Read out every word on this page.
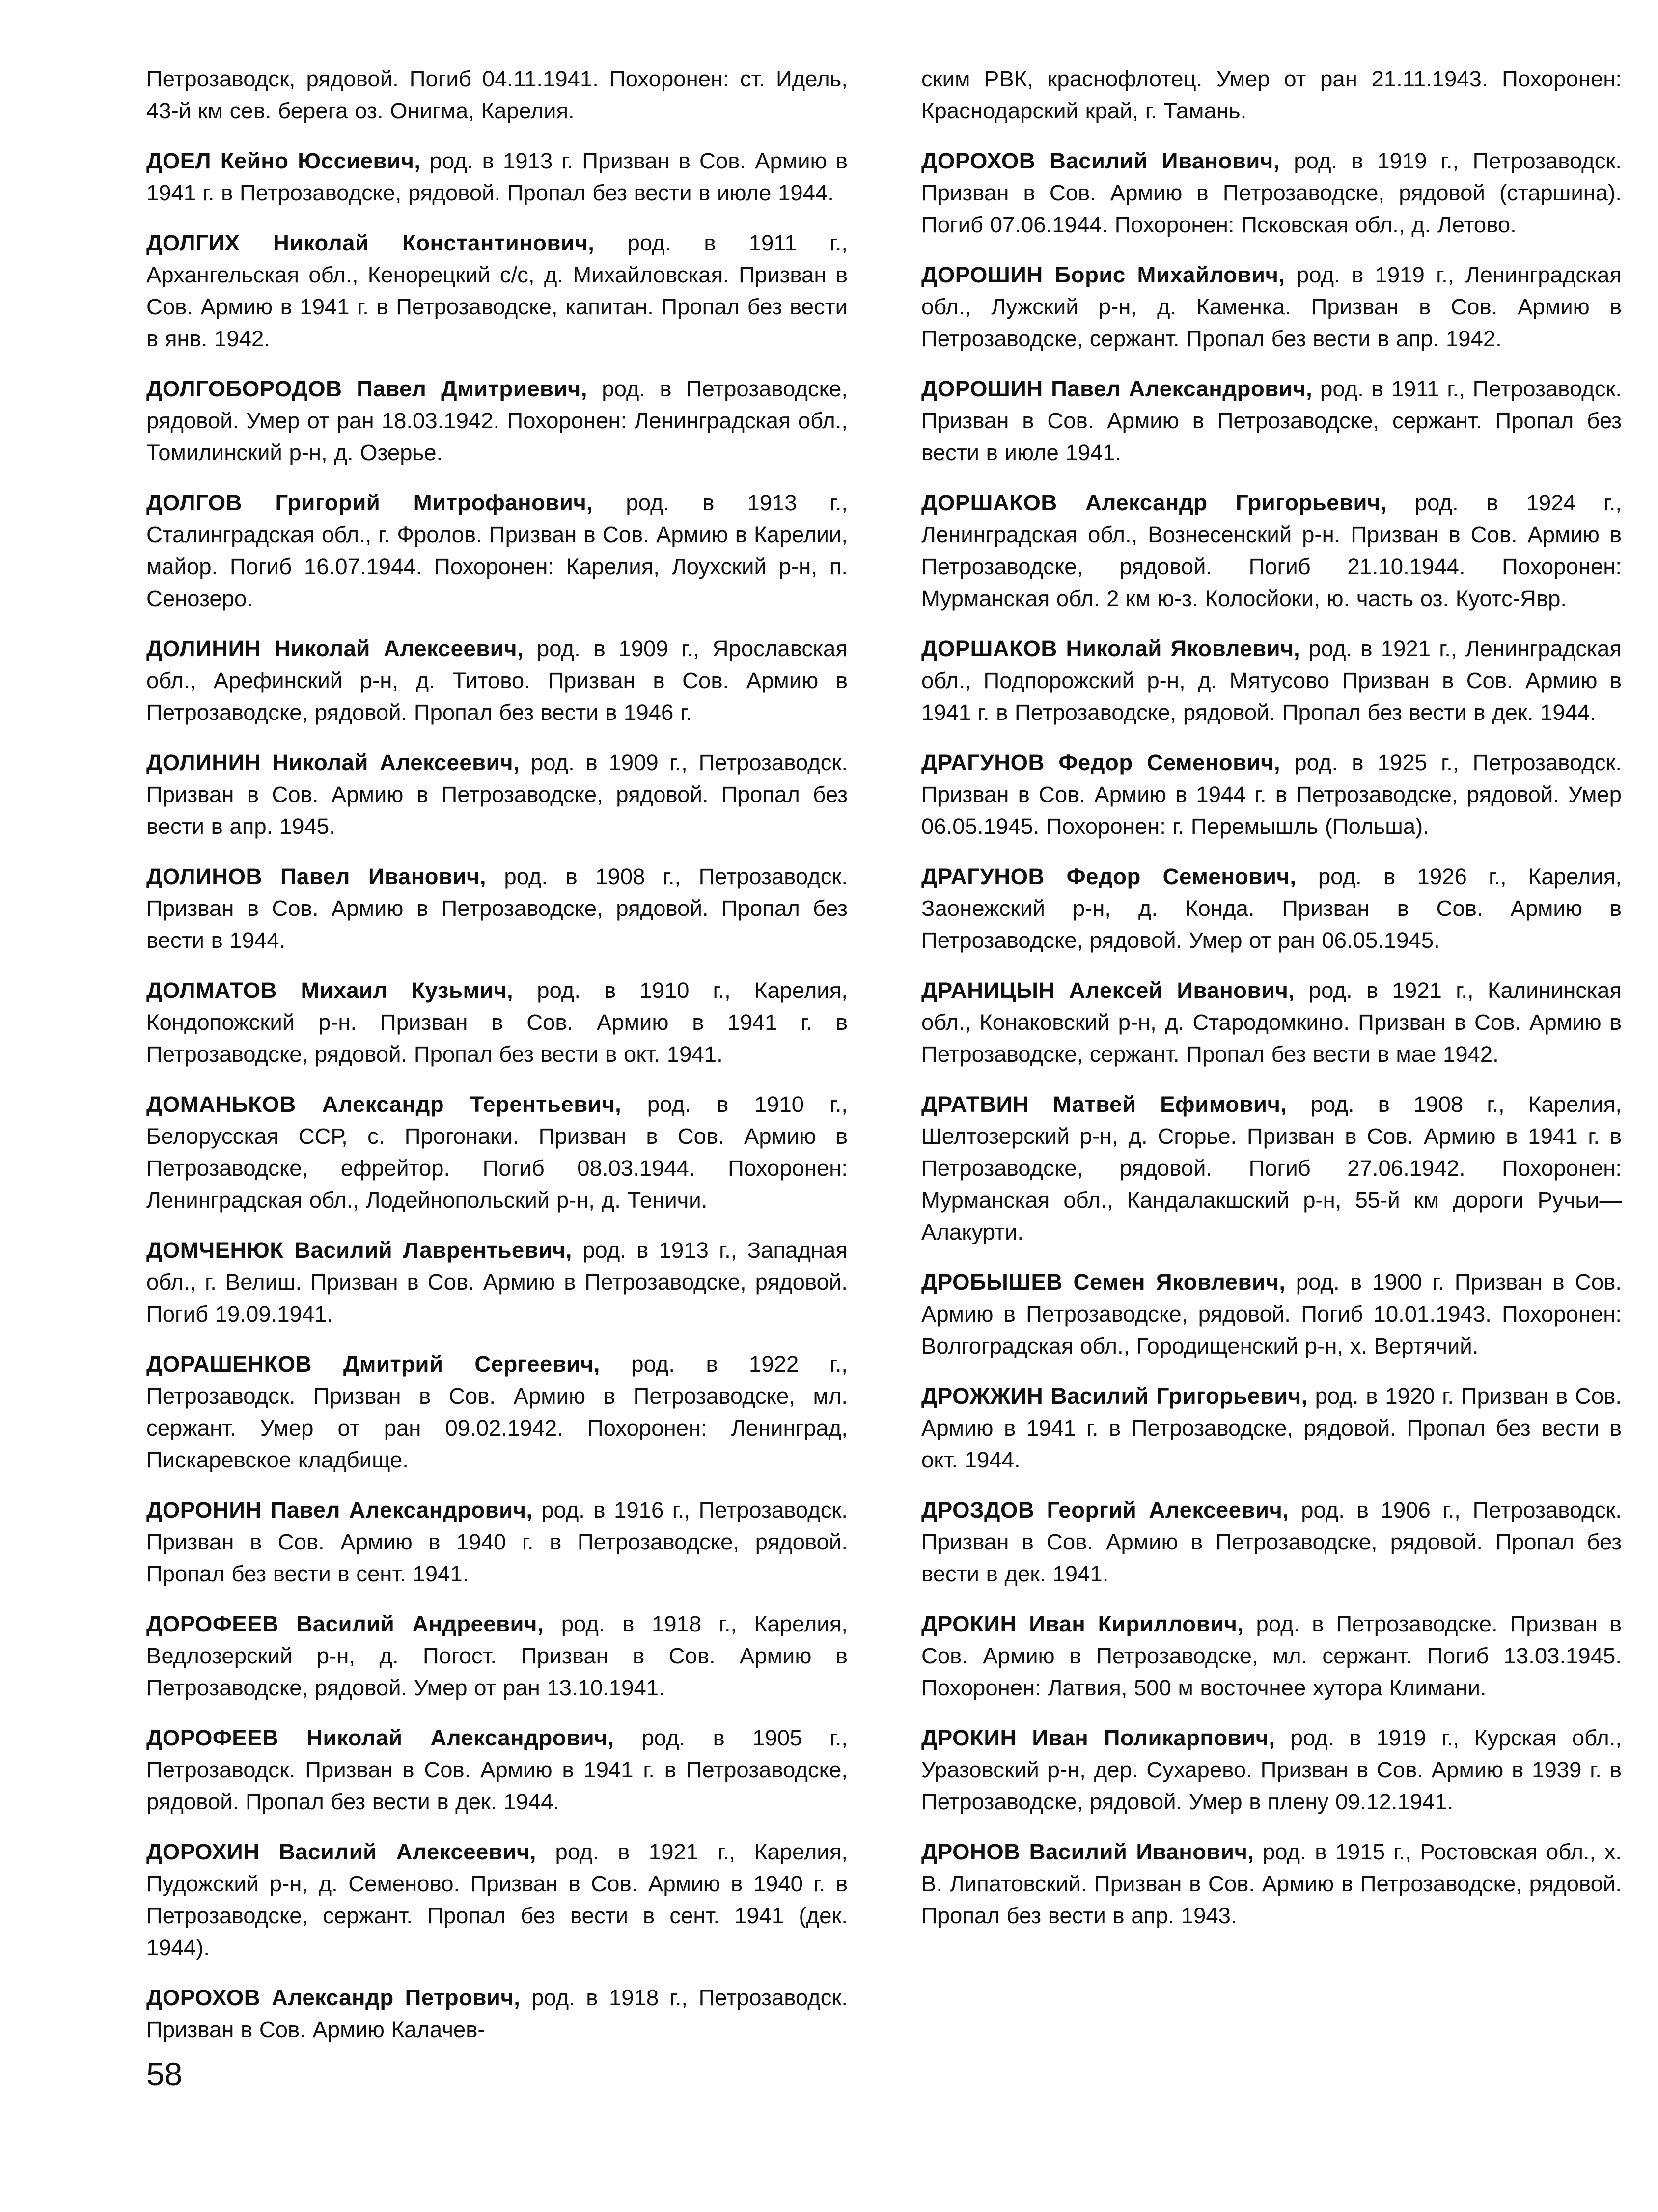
Петрозаводск, рядовой. Погиб 04.11.1941. Похоронен: ст. Идель, 43-й км сев. берега оз. Онигма, Карелия.

ДОЕЛ Кейно Юссиевич, род. в 1913 г. Призван в Сов. Армию в 1941 г. в Петрозаводске, рядовой. Пропал без вести в июле 1944.

ДОЛГИХ Николай Константинович, род. в 1911 г., Архангельская обл., Кенорецкий с/с, д. Михайловская. Призван в Сов. Армию в 1941 г. в Петрозаводске, капитан. Пропал без вести в янв. 1942.

ДОЛГОБОРОДОВ Павел Дмитриевич, род. в Петрозаводске, рядовой. Умер от ран 18.03.1942. Похоронен: Ленинградская обл., Томилинский р-н, д. Озерье.

ДОЛГОВ Григорий Митрофанович, род. в 1913 г., Сталинградская обл., г. Фролов. Призван в Сов. Армию в Карелии, майор. Погиб 16.07.1944. Похоронен: Карелия, Лоухский р-н, п. Сенозеро.

ДОЛИНИН Николай Алексеевич, род. в 1909 г., Ярославская обл., Арефинский р-н, д. Титово. Призван в Сов. Армию в Петрозаводске, рядовой. Пропал без вести в 1946 г.

ДОЛИНИН Николай Алексеевич, род. в 1909 г., Петрозаводск. Призван в Сов. Армию в Петрозаводске, рядовой. Пропал без вести в апр. 1945.

ДОЛИНОВ Павел Иванович, род. в 1908 г., Петрозаводск. Призван в Сов. Армию в Петрозаводске, рядовой. Пропал без вести в 1944.

ДОЛМАТОВ Михаил Кузьмич, род. в 1910 г., Карелия, Кондопожский р-н. Призван в Сов. Армию в 1941 г. в Петрозаводске, рядовой. Пропал без вести в окт. 1941.

ДОМАНЬКОВ Александр Терентьевич, род. в 1910 г., Белорусская ССР, с. Прогонаки. Призван в Сов. Армию в Петрозаводске, ефрейтор. Погиб 08.03.1944. Похоронен: Ленинградская обл., Лодейнопольский р-н, д. Теничи.

ДОМЧЕНЮК Василий Лаврентьевич, род. в 1913 г., Западная обл., г. Велиш. Призван в Сов. Армию в Петрозаводске, рядовой. Погиб 19.09.1941.

ДОРАШЕНКОВ Дмитрий Сергеевич, род. в 1922 г., Петрозаводск. Призван в Сов. Армию в Петрозаводске, мл. сержант. Умер от ран 09.02.1942. Похоронен: Ленинград, Пискаревское кладбище.

ДОРОНИН Павел Александрович, род. в 1916 г., Петрозаводск. Призван в Сов. Армию в 1940 г. в Петрозаводске, рядовой. Пропал без вести в сент. 1941.

ДОРОФЕЕВ Василий Андреевич, род. в 1918 г., Карелия, Ведлозерский р-н, д. Погост. Призван в Сов. Армию в Петрозаводске, рядовой. Умер от ран 13.10.1941.

ДОРОФЕЕВ Николай Александрович, род. в 1905 г., Петрозаводск. Призван в Сов. Армию в 1941 г. в Петрозаводске, рядовой. Пропал без вести в дек. 1944.

ДОРОХИН Василий Алексеевич, род. в 1921 г., Карелия, Пудожский р-н, д. Семеново. Призван в Сов. Армию в 1940 г. в Петрозаводске, сержант. Пропал без вести в сент. 1941 (дек. 1944).

ДОРОХОВ Александр Петрович, род. в 1918 г., Петрозаводск. Призван в Сов. Армию Калачев-

ским РВК, краснофлотец. Умер от ран 21.11.1943. Похоронен: Краснодарский край, г. Тамань.

ДОРОХОВ Василий Иванович, род. в 1919 г., Петрозаводск. Призван в Сов. Армию в Петрозаводске, рядовой (старшина). Погиб 07.06.1944. Похоронен: Псковская обл., д. Летово.

ДОРОШИН Борис Михайлович, род. в 1919 г., Ленинградская обл., Лужский р-н, д. Каменка. Призван в Сов. Армию в Петрозаводске, сержант. Пропал без вести в апр. 1942.

ДОРОШИН Павел Александрович, род. в 1911 г., Петрозаводск. Призван в Сов. Армию в Петрозаводске, сержант. Пропал без вести в июле 1941.

ДОРШАКОВ Александр Григорьевич, род. в 1924 г., Ленинградская обл., Вознесенский р-н. Призван в Сов. Армию в Петрозаводске, рядовой. Погиб 21.10.1944. Похоронен: Мурманская обл. 2 км ю-з. Колосйоки, ю. часть оз. Куотс-Явр.

ДОРШАКОВ Николай Яковлевич, род. в 1921 г., Ленинградская обл., Подпорожский р-н, д. Мятусово Призван в Сов. Армию в 1941 г. в Петрозаводске, рядовой. Пропал без вести в дек. 1944.

ДРАГУНОВ Федор Семенович, род. в 1925 г., Петрозаводск. Призван в Сов. Армию в 1944 г. в Петрозаводске, рядовой. Умер 06.05.1945. Похоронен: г. Перемышль (Польша).

ДРАГУНОВ Федор Семенович, род. в 1926 г., Карелия, Заонежский р-н, д. Конда. Призван в Сов. Армию в Петрозаводске, рядовой. Умер от ран 06.05.1945.

ДРАНИЦЫН Алексей Иванович, род. в 1921 г., Калининская обл., Конаковский р-н, д. Стародомкино. Призван в Сов. Армию в Петрозаводске, сержант. Пропал без вести в мае 1942.

ДРАТВИН Матвей Ефимович, род. в 1908 г., Карелия, Шелтозерский р-н, д. Сгорье. Призван в Сов. Армию в 1941 г. в Петрозаводске, рядовой. Погиб 27.06.1942. Похоронен: Мурманская обл., Кандалакшский р-н, 55-й км дороги Ручьи—Алакурти.

ДРОБЫШЕВ Семен Яковлевич, род. в 1900 г. Призван в Сов. Армию в Петрозаводске, рядовой. Погиб 10.01.1943. Похоронен: Волгоградская обл., Городищенский р-н, х. Вертячий.

ДРОЖЖИН Василий Григорьевич, род. в 1920 г. Призван в Сов. Армию в 1941 г. в Петрозаводске, рядовой. Пропал без вести в окт. 1944.

ДРОЗДОВ Георгий Алексеевич, род. в 1906 г., Петрозаводск. Призван в Сов. Армию в Петрозаводске, рядовой. Пропал без вести в дек. 1941.

ДРОКИН Иван Кириллович, род. в Петрозаводске. Призван в Сов. Армию в Петрозаводске, мл. сержант. Погиб 13.03.1945. Похоронен: Латвия, 500 м восточнее хутора Климани.

ДРОКИН Иван Поликарпович, род. в 1919 г., Курская обл., Уразовский р-н, дер. Сухарево. Призван в Сов. Армию в 1939 г. в Петрозаводске, рядовой. Умер в плену 09.12.1941.

ДРОНОВ Василий Иванович, род. в 1915 г., Ростовская обл., х. В. Липатовский. Призван в Сов. Армию в Петрозаводске, рядовой. Пропал без вести в апр. 1943.

58
